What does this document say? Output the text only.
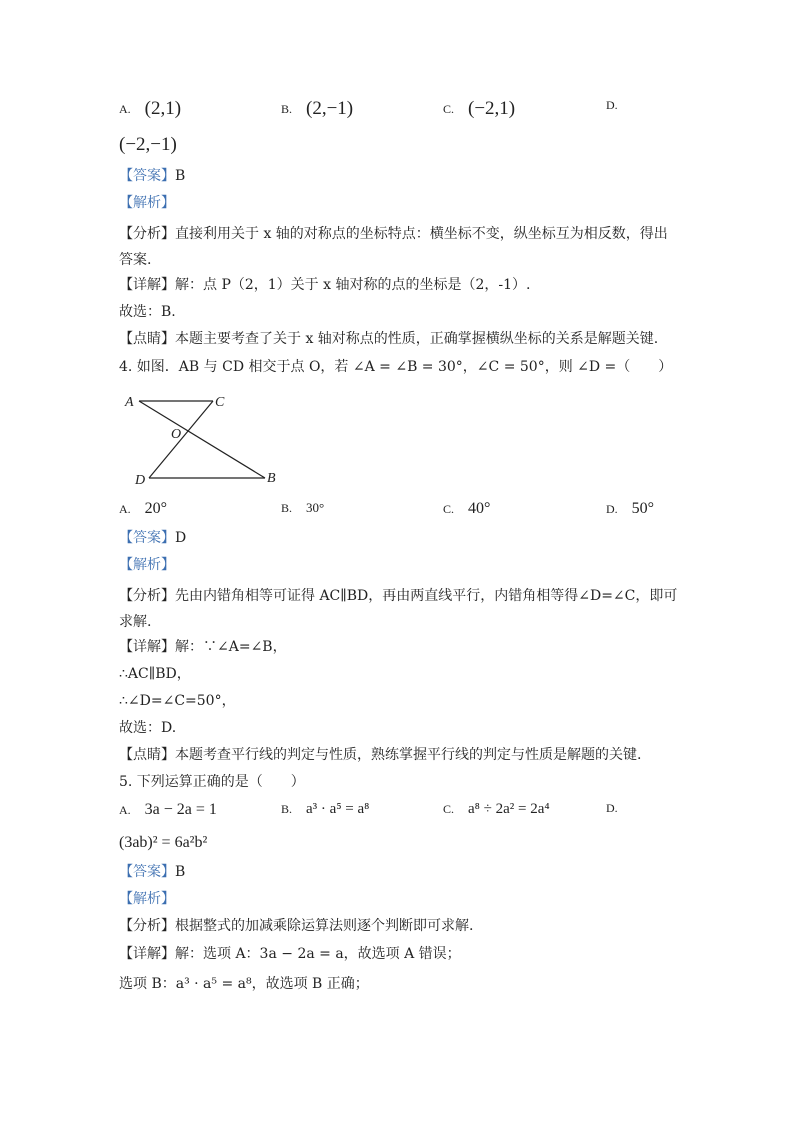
A. (2,1)	B. (2,−1)	C. (−2,1)	D.
(−2,−1)
【答案】B
【解析】
【分析】直接利用关于 x 轴的对称点的坐标特点：横坐标不变，纵坐标互为相反数，得出答案.
【详解】解：点 P（2，1）关于 x 轴对称的点的坐标是（2，-1）.
故选：B.
【点睛】本题主要考查了关于 x 轴对称点的性质，正确掌握横纵坐标的关系是解题关键.
4. 如图．AB 与 CD 相交于点 O，若 ∠A = ∠B = 30°，∠C = 50°，则 ∠D =（　　）
A	C
O
D	B
A. 20°	B. 30°	C. 40°	D. 50°
【答案】D
【解析】
【分析】先由内错角相等可证得 AC∥BD，再由两直线平行，内错角相等得∠D=∠C，即可求解.
【详解】解：∵∠A=∠B，
∴AC∥BD，
∴∠D=∠C=50°，
故选：D.
【点睛】本题考查平行线的判定与性质，熟练掌握平行线的判定与性质是解题的关键.
5. 下列运算正确的是（　　）
A. 3a − 2a = 1	B. a³ · a⁵ = a⁸	C. a⁸ ÷ 2a² = 2a⁴	D.
(3ab)² = 6a²b²
【答案】B
【解析】
【分析】根据整式的加减乘除运算法则逐个判断即可求解.
【详解】解：选项 A：3a − 2a = a，故选项 A 错误；
选项 B：a³ · a⁵ = a⁸，故选项 B 正确；
